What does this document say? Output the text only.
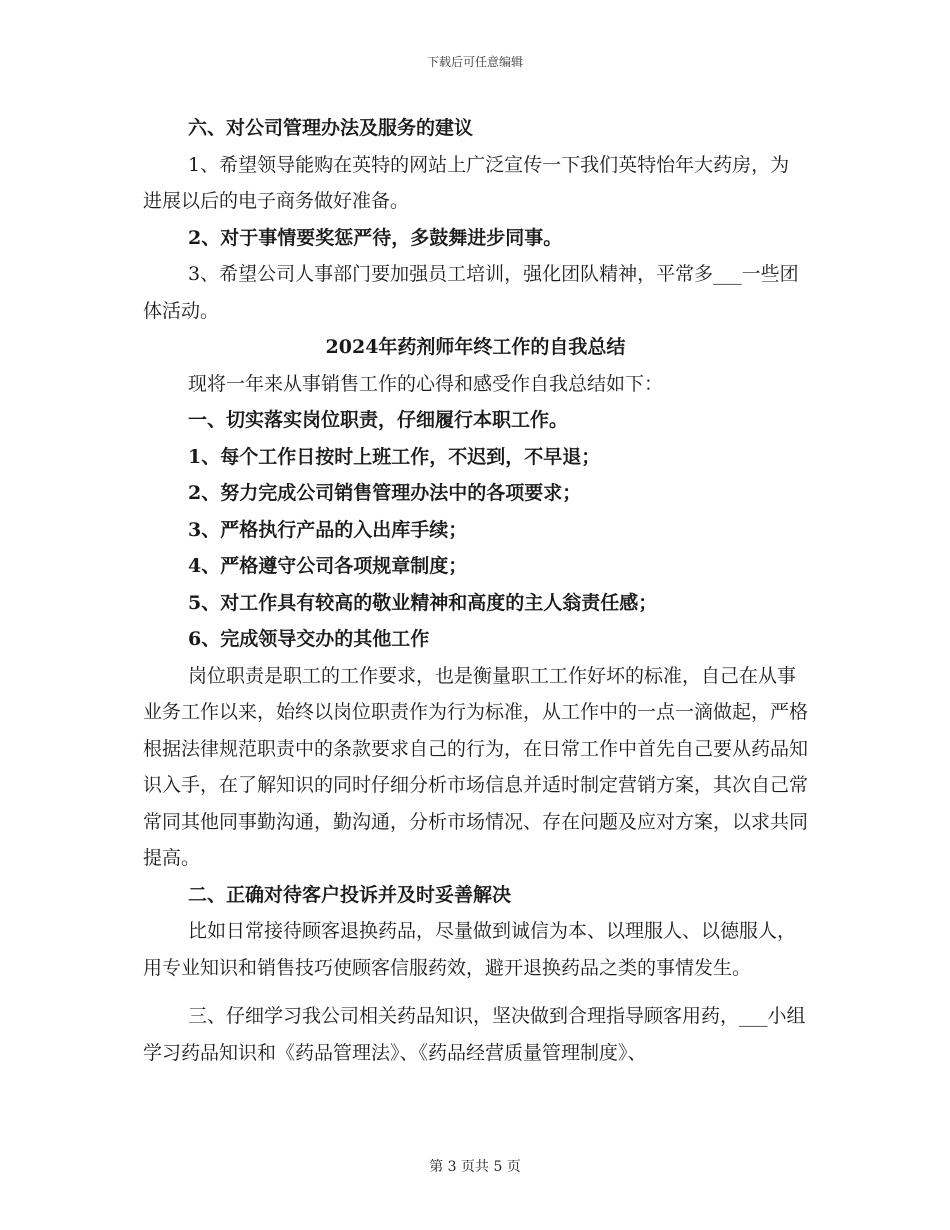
下载后可任意编辑

六、对公司管理办法及服务的建议

1、希望领导能购在英特的网站上广泛宣传一下我们英特怡年大药房，为进展以后的电子商务做好准备。

2、对于事情要奖惩严待，多鼓舞进步同事。

3、希望公司人事部门要加强员工培训，强化团队精神，平常多___一些团体活动。

2024年药剂师年终工作的自我总结

现将一年来从事销售工作的心得和感受作自我总结如下：

一、切实落实岗位职责，仔细履行本职工作。

1、每个工作日按时上班工作，不迟到，不早退；

2、努力完成公司销售管理办法中的各项要求；

3、严格执行产品的入出库手续；

4、严格遵守公司各项规章制度；

5、对工作具有较高的敬业精神和高度的主人翁责任感；

6、完成领导交办的其他工作

岗位职责是职工的工作要求，也是衡量职工工作好坏的标准，自己在从事业务工作以来，始终以岗位职责作为行为标准，从工作中的一点一滴做起，严格根据法律规范职责中的条款要求自己的行为，在日常工作中首先自己要从药品知识入手，在了解知识的同时仔细分析市场信息并适时制定营销方案，其次自己常常同其他同事勤沟通，勤沟通，分析市场情况、存在问题及应对方案，以求共同提高。

二、正确对待客户投诉并及时妥善解决

比如日常接待顾客退换药品，尽量做到诚信为本、以理服人、以德服人，用专业知识和销售技巧使顾客信服药效，避开退换药品之类的事情发生。

三、仔细学习我公司相关药品知识，坚决做到合理指导顾客用药，___小组学习药品知识和《药品管理法》、《药品经营质量管理制度》、

第 3 页共 5 页
